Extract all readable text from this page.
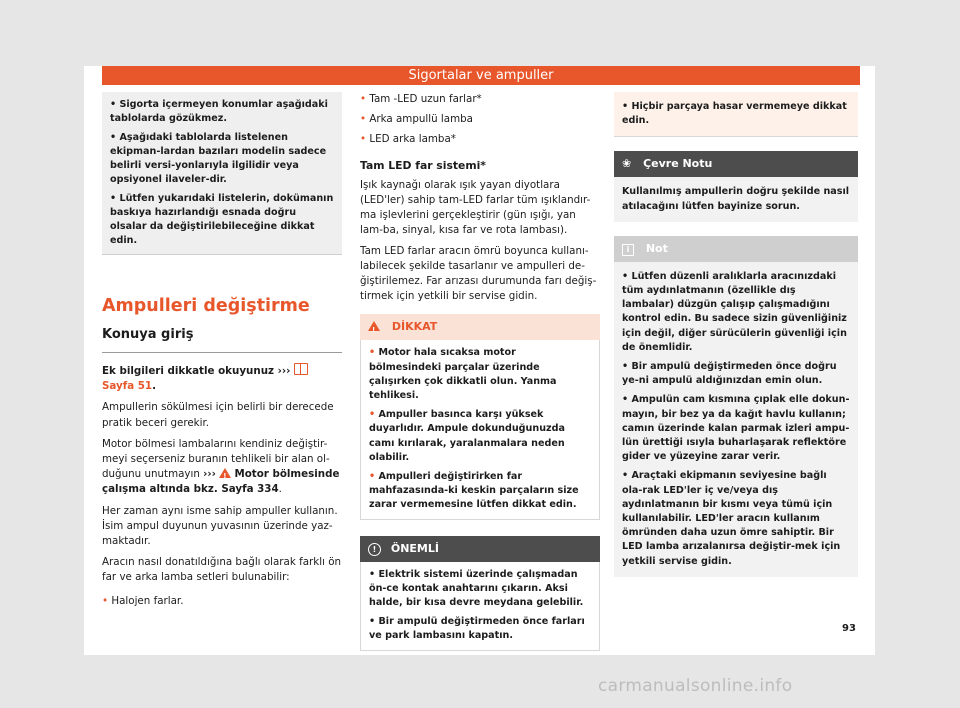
Sigortalar ve ampuller

• Sigorta içermeyen konumlar aşağıdaki tablolarda gözükmez.

• Aşağıdaki tablolarda listelenen ekipman-lardan bazıları modelin sadece belirli versi-yonlarıyla ilgilidir veya opsiyonel ilaveler-dir.

• Lütfen yukarıdaki listelerin, dokümanın baskıya hazırlandığı esnada doğru olsalar da değiştirilebileceğine dikkat edin.

Ampulleri değiştirme
Konuya giriş

Ek bilgileri dikkatle okuyunuz ›››  Sayfa 51.

Ampullerin sökülmesi için belirli bir derecede pratik beceri gerekir.

Motor bölmesi lambalarını kendiniz değiştir-meyi seçerseniz buranın tehlikeli bir alan ol-duğunu unutmayın ››› ! Motor bölmesinde çalışma altında bkz. Sayfa 334.

Her zaman aynı isme sahip ampuller kullanın. İsim ampul duyunun yuvasının üzerinde yaz-maktadır.

Aracın nasıl donatıldığına bağlı olarak farklı ön far ve arka lamba setleri bulunabilir:

• Halojen farlar.

• Tam -LED uzun farlar*

• Arka ampullü lamba

• LED arka lamba*

Tam LED far sistemi*

Işık kaynağı olarak ışık yayan diyotlara (LED'ler) sahip tam-LED farlar tüm ışıklandır-ma işlevlerini gerçekleştirir (gün ışığı, yan lam-ba, sinyal, kısa far ve rota lambası).

Tam LED farlar aracın ömrü boyunca kullanı-labilecek şekilde tasarlanır ve ampulleri de-ğiştirilemez. Far arızası durumunda farı değiş-tirmek için yetkili bir servise gidin.

! DİKKAT

• Motor hala sıcaksa motor bölmesindeki parçalar üzerinde çalışırken çok dikkatli olun. Yanma tehlikesi.

• Ampuller basınca karşı yüksek duyarlıdır. Ampule dokunduğunuzda camı kırılarak, yaralanmalara neden olabilir.

• Ampulleri değiştirirken far mahfazasında-ki keskin parçaların size zarar vermemesine lütfen dikkat edin.

! ÖNEMLİ

• Elektrik sistemi üzerinde çalışmadan ön-ce kontak anahtarını çıkarın. Aksi halde, bir kısa devre meydana gelebilir.

• Bir ampulü değiştirmeden önce farları ve park lambasını kapatın.

• Hiçbir parçaya hasar vermemeye dikkat edin.

❀ Çevre Notu

Kullanılmış ampullerin doğru şekilde nasıl atılacağını lütfen bayinize sorun.

i Not

• Lütfen düzenli aralıklarla aracınızdaki tüm aydınlatmanın (özellikle dış lambalar) düzgün çalışıp çalışmadığını kontrol edin. Bu sadece sizin güvenliğiniz için değil, diğer sürücülerin güvenliği için de önemlidir.

• Bir ampulü değiştirmeden önce doğru ye-ni ampulü aldığınızdan emin olun.

• Ampulün cam kısmına çıplak elle dokun-mayın, bir bez ya da kağıt havlu kullanın; camın üzerinde kalan parmak izleri ampu-lün ürettiği ısıyla buharlaşarak reflektöre gider ve yüzeyine zarar verir.

• Araçtaki ekipmanın seviyesine bağlı ola-rak LED'ler iç ve/veya dış aydınlatmanın bir kısmı veya tümü için kullanılabilir. LED'ler aracın kullanım ömründen daha uzun ömre sahiptir. Bir LED lamba arızalanırsa değiştir-mek için yetkili servise gidin.

93
carmanualsonline.info
